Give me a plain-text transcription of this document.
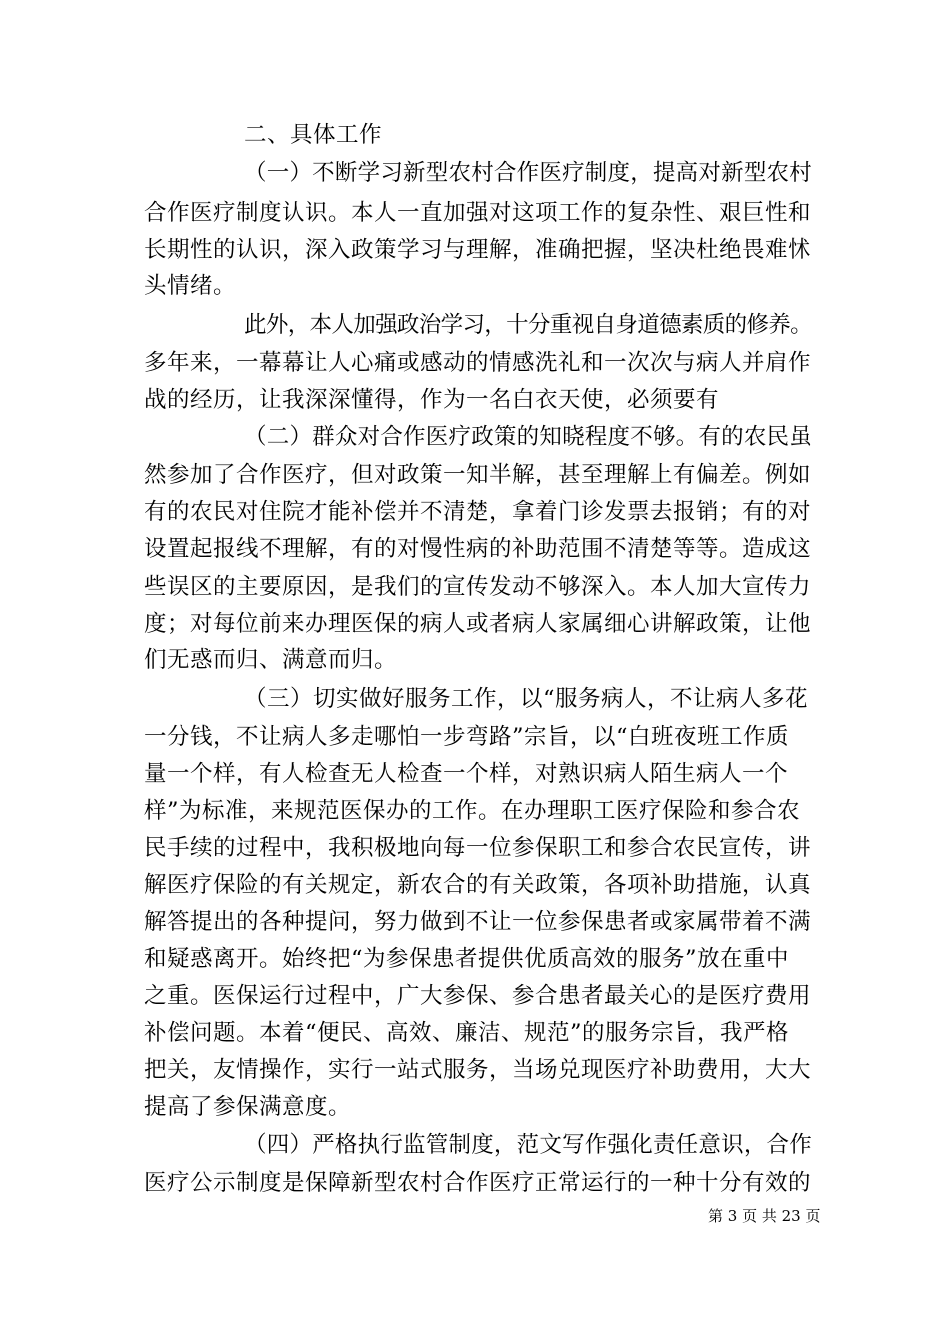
二、具体工作
（一）不断学习新型农村合作医疗制度，提高对新型农村
合作医疗制度认识。本人一直加强对这项工作的复杂性、艰巨性和
长期性的认识，深入政策学习与理解，准确把握，坚决杜绝畏难怵
头情绪。
此外，本人加强政治学习，十分重视自身道德素质的修养。
多年来，一幕幕让人心痛或感动的情感洗礼和一次次与病人并肩作
战的经历，让我深深懂得，作为一名白衣天使，必须要有
（二）群众对合作医疗政策的知晓程度不够。有的农民虽
然参加了合作医疗，但对政策一知半解，甚至理解上有偏差。例如
有的农民对住院才能补偿并不清楚，拿着门诊发票去报销；有的对
设置起报线不理解，有的对慢性病的补助范围不清楚等等。造成这
些误区的主要原因，是我们的宣传发动不够深入。本人加大宣传力
度；对每位前来办理医保的病人或者病人家属细心讲解政策，让他
们无惑而归、满意而归。
（三）切实做好服务工作，以“服务病人，不让病人多花
一分钱，不让病人多走哪怕一步弯路”宗旨，以“白班夜班工作质
量一个样，有人检查无人检查一个样，对熟识病人陌生病人一个
样”为标准，来规范医保办的工作。在办理职工医疗保险和参合农
民手续的过程中，我积极地向每一位参保职工和参合农民宣传，讲
解医疗保险的有关规定，新农合的有关政策，各项补助措施，认真
解答提出的各种提问，努力做到不让一位参保患者或家属带着不满
和疑惑离开。始终把“为参保患者提供优质高效的服务”放在重中
之重。医保运行过程中，广大参保、参合患者最关心的是医疗费用
补偿问题。本着“便民、高效、廉洁、规范”的服务宗旨，我严格
把关，友情操作，实行一站式服务，当场兑现医疗补助费用，大大
提高了参保满意度。
（四）严格执行监管制度，范文写作强化责任意识，合作
医疗公示制度是保障新型农村合作医疗正常运行的一种十分有效的
第 3 页 共 23 页
